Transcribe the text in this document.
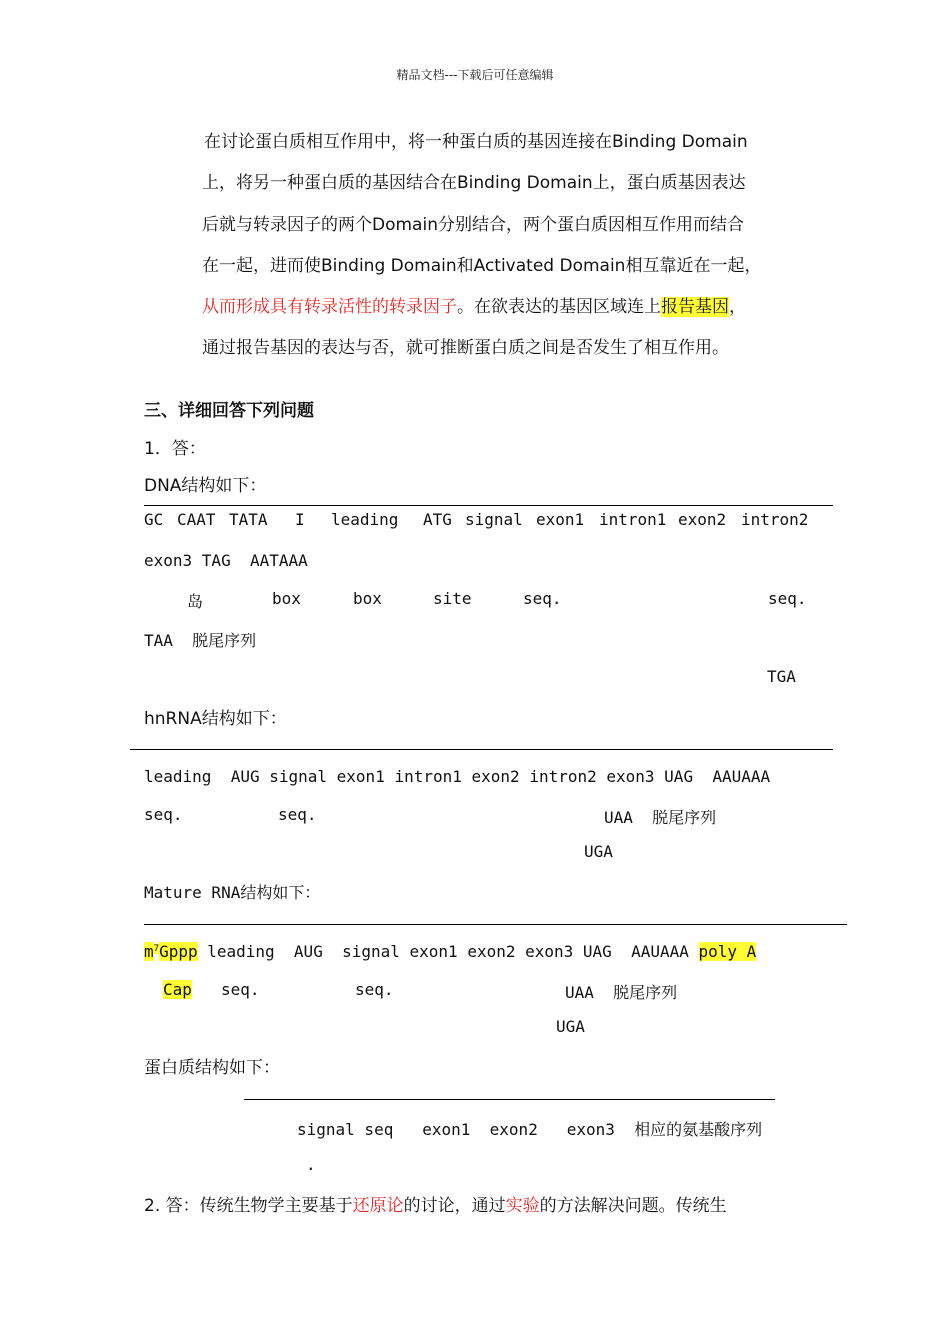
精品文档---下载后可任意编辑
在讨论蛋白质相互作用中，将一种蛋白质的基因连接在Binding Domain
上，将另一种蛋白质的基因结合在Binding Domain上，蛋白质基因表达
后就与转录因子的两个Domain分别结合，两个蛋白质因相互作用而结合
在一起，进而使Binding Domain和Activated Domain相互靠近在一起，
从而形成具有转录活性的转录因子。在欲表达的基因区域连上报告基因，
通过报告基因的表达与否，就可推断蛋白质之间是否发生了相互作用。
三、详细回答下列问题
1．答：
DNA结构如下：
GC CAAT TATA I leading ATG signal exon1 intron1 exon2 intron2
exon3 TAG  AATAAA
岛	box	box	site	seq.	seq.
TAA  脱尾序列
TGA
hnRNA结构如下：
leading  AUG signal exon1 intron1 exon2 intron2 exon3 UAG  AAUAAA
seq.	seq.	UAA  脱尾序列
UGA
Mature RNA结构如下：
$m^7Gppp$ leading  AUG  signal exon1 exon2 exon3 UAG  AAUAAA poly A
Cap seq.	seq.	UAA  脱尾序列
UGA
蛋白质结构如下：
signal seq   exon1  exon2   exon3  相应的氨基酸序列
.
2. 答：传统生物学主要基于还原论的讨论，通过实验的方法解决问题。传统生
